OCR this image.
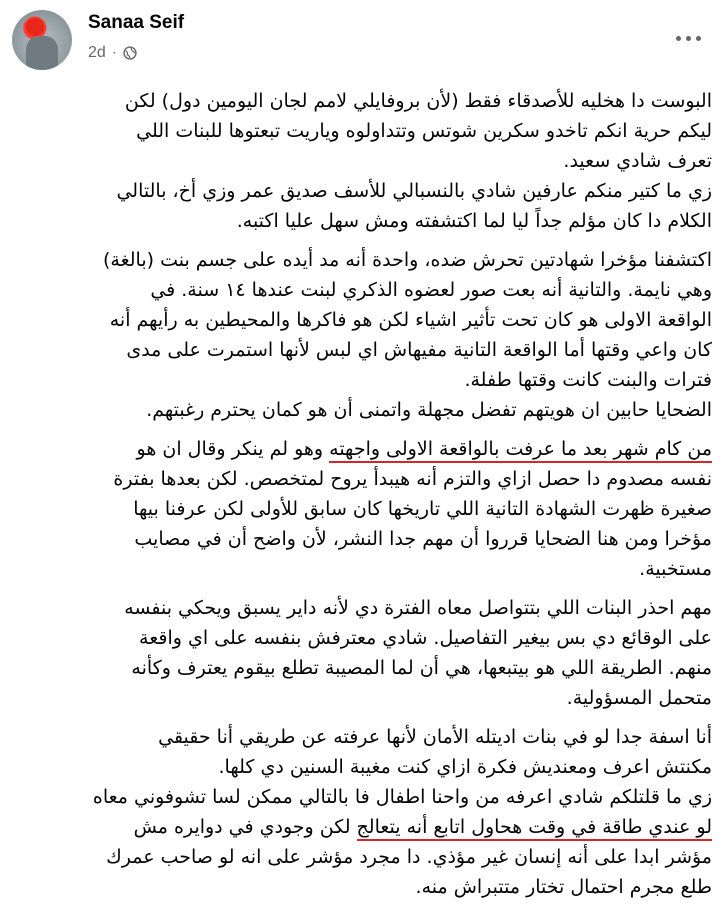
Sanaa Seif
2d ·
البوست دا هخليه للأصدقاء فقط (لأن بروفايلي لامم لجان اليومين دول) لكن
ليكم حرية انكم تاخدو سكرين شوتس وتتداولوه وياريت تبعتوها للبنات اللي
تعرف شادي سعيد.
زي ما كتير منكم عارفين شادي بالنسبالي للأسف صديق عمر وزي أخ، بالتالي
الكلام دا كان مؤلم جداً ليا لما اكتشفته ومش سهل عليا اكتبه.
اكتشفنا مؤخرا شهادتين تحرش ضده، واحدة أنه مد أيده على جسم بنت (بالغة)
وهي نايمة. والتانية أنه بعت صور لعضوه الذكري لبنت عندها ١٤ سنة. في
الواقعة الاولى هو كان تحت تأثير اشياء لكن هو فاكرها والمحيطين به رأيهم أنه
كان واعي وقتها أما الواقعة التانية مفيهاش اي لبس لأنها استمرت على مدى
فترات والبنت كانت وقتها طفلة.
الضحايا حابين ان هويتهم تفضل مجهلة واتمنى أن هو كمان يحترم رغبتهم.
من كام شهر بعد ما عرفت بالواقعة الاولى واجهته وهو لم ينكر وقال ان هو
نفسه مصدوم دا حصل ازاي والتزم أنه هيبدأ يروح لمتخصص. لكن بعدها بفترة
صغيرة ظهرت الشهادة التانية اللي تاريخها كان سابق للأولى لكن عرفنا بيها
مؤخرا ومن هنا الضحايا قرروا أن مهم جدا النشر، لأن واضح أن في مصايب
مستخبية.
مهم احذر البنات اللي بتتواصل معاه الفترة دي لأنه داير يسبق ويحكي بنفسه
على الوقائع دي بس بيغير التفاصيل. شادي معترفش بنفسه على اي واقعة
منهم. الطريقة اللي هو بيتبعها، هي أن لما المصيبة تطلع بيقوم يعترف وكأنه
متحمل المسؤولية.
أنا اسفة جدا لو في بنات اديتله الأمان لأنها عرفته عن طريقي أنا حقيقي
مكنتش اعرف ومعنديش فكرة ازاي كنت مغيبة السنين دي كلها.
زي ما قلتلكم شادي اعرفه من واحنا اطفال فا بالتالي ممكن لسا تشوفوني معاه
لو عندي طاقة في وقت هحاول اتابع أنه يتعالج لكن وجودي في دوايره مش
مؤشر ابدا على أنه إنسان غير مؤذي. دا مجرد مؤشر على انه لو صاحب عمرك
طلع مجرم احتمال تختار متتبراش منه.
